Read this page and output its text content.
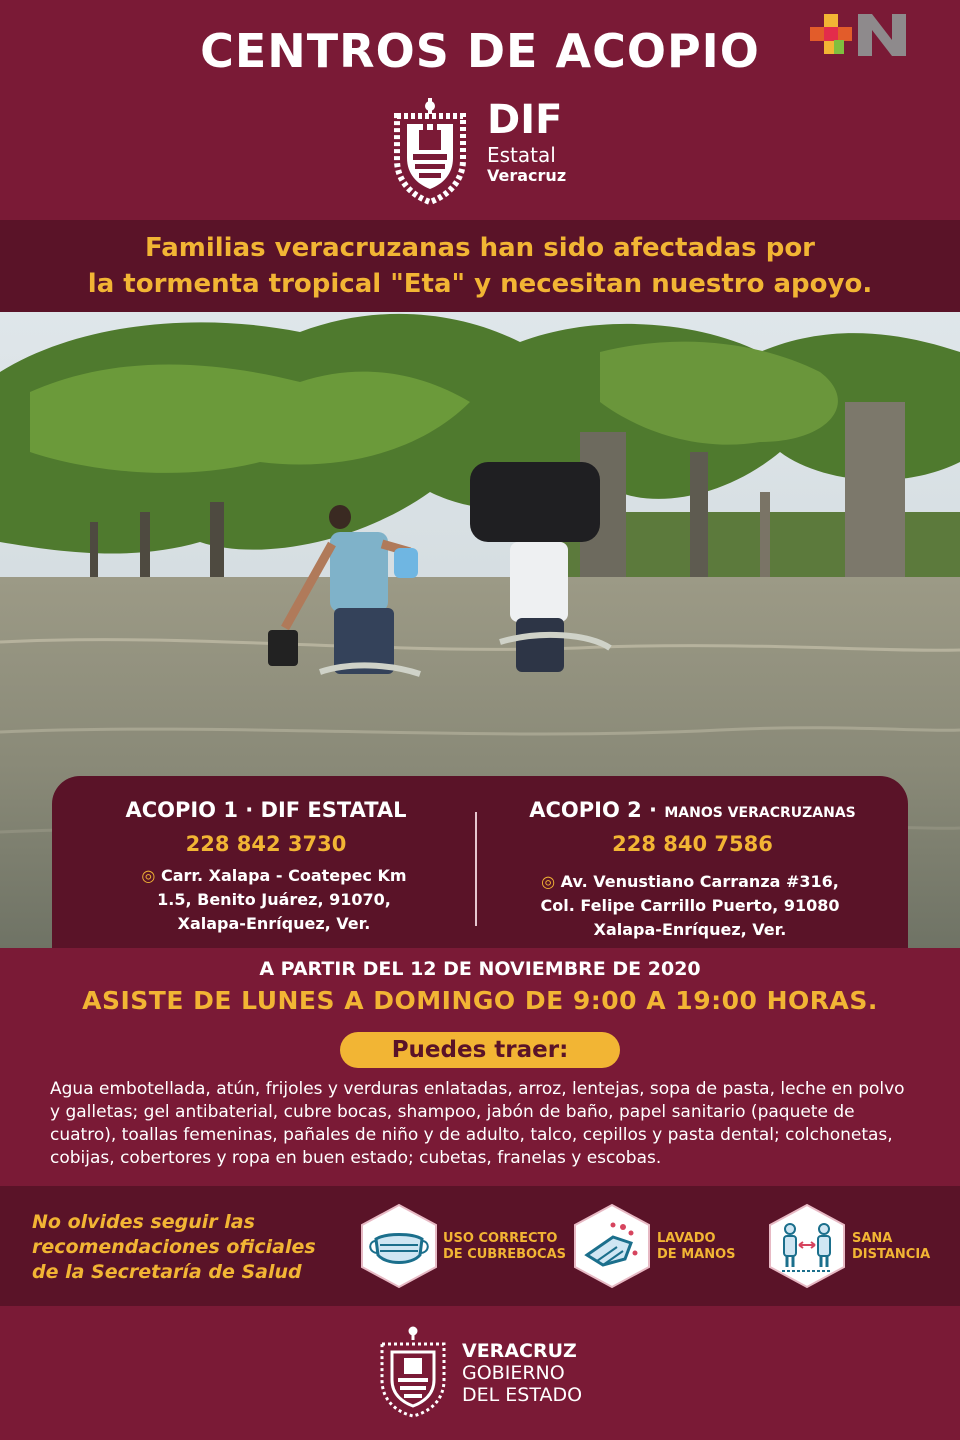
CENTROS DE ACOPIO
DIF
Estatal
Veracruz
Familias veracruzanas han sido afectadas por
la tormenta tropical "Eta" y necesitan nuestro apoyo.
ACOPIO 1 · DIF ESTATAL
228 842 3730
◎ Carr. Xalapa - Coatepec Km
1.5, Benito Juárez, 91070,
Xalapa-Enríquez, Ver.
ACOPIO 2 · MANOS VERACRUZANAS
228 840 7586
◎ Av. Venustiano Carranza #316,
Col. Felipe Carrillo Puerto, 91080
Xalapa-Enríquez, Ver.
A PARTIR DEL 12 DE NOVIEMBRE DE 2020
ASISTE DE LUNES A DOMINGO DE 9:00 A 19:00 HORAS.
Puedes traer:
Agua embotellada, atún, frijoles y verduras enlatadas, arroz, lentejas, sopa de pasta, leche en polvo y galletas; gel antibaterial, cubre bocas, shampoo, jabón de baño, papel sanitario (paquete de cuatro), toallas femeninas, pañales de niño y de adulto, talco, cepillos y pasta dental; colchonetas, cobijas, cobertores y ropa en buen estado; cubetas, franelas y escobas.
No olvides seguir las
recomendaciones oficiales
de la Secretaría de Salud
USO CORRECTO
DE CUBREBOCAS
LAVADO
DE MANOS
SANA
DISTANCIA
VERACRUZ
GOBIERNO
DEL ESTADO
